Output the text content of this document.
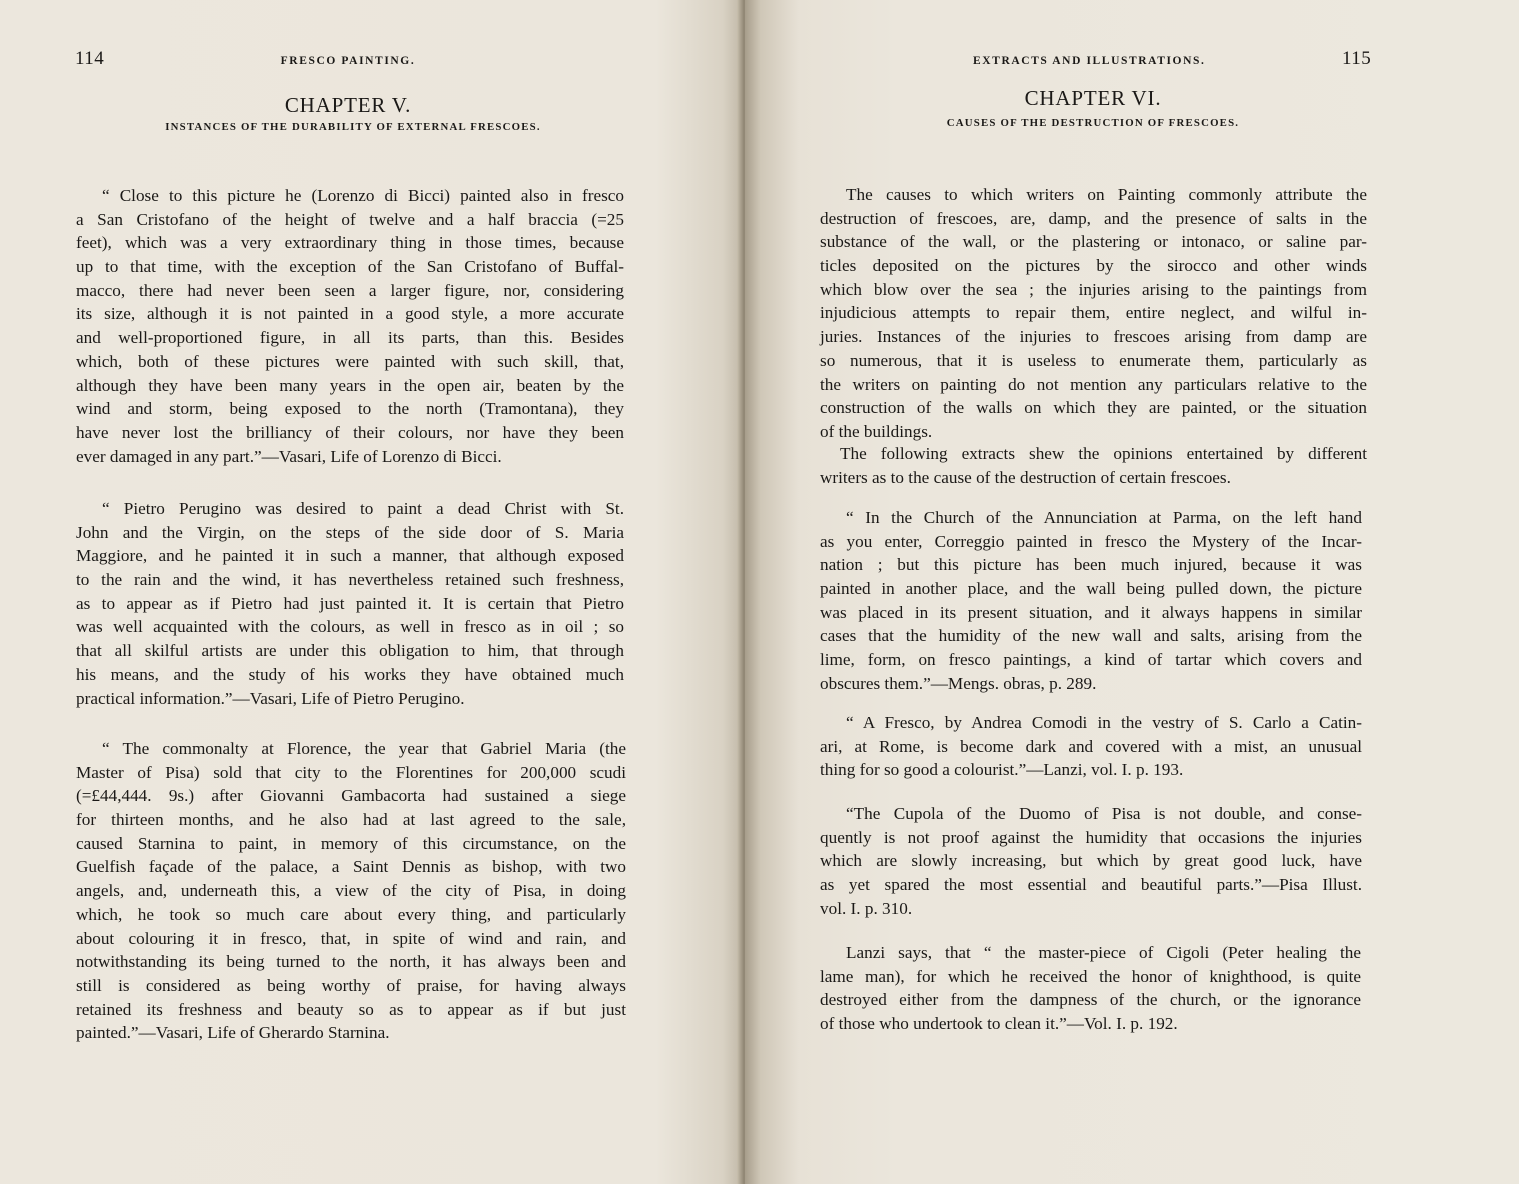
114	FRESCO PAINTING.
CHAPTER V.
INSTANCES OF THE DURABILITY OF EXTERNAL FRESCOES.
“ Close to this picture he (Lorenzo di Bicci) painted also in fresco
a San Cristofano of the height of twelve and a half braccia (=25
feet), which was a very extraordinary thing in those times, because
up to that time, with the exception of the San Cristofano of Buffal-
macco, there had never been seen a larger figure, nor, considering
its size, although it is not painted in a good style, a more accurate
and well-proportioned figure, in all its parts, than this. Besides
which, both of these pictures were painted with such skill, that,
although they have been many years in the open air, beaten by the
wind and storm, being exposed to the north (Tramontana), they
have never lost the brilliancy of their colours, nor have they been
ever damaged in any part.”—Vasari, Life of Lorenzo di Bicci.
“ Pietro Perugino was desired to paint a dead Christ with St.
John and the Virgin, on the steps of the side door of S. Maria
Maggiore, and he painted it in such a manner, that although exposed
to the rain and the wind, it has nevertheless retained such freshness,
as to appear as if Pietro had just painted it. It is certain that Pietro
was well acquainted with the colours, as well in fresco as in oil ; so
that all skilful artists are under this obligation to him, that through
his means, and the study of his works they have obtained much
practical information.”—Vasari, Life of Pietro Perugino.
“ The commonalty at Florence, the year that Gabriel Maria (the
Master of Pisa) sold that city to the Florentines for 200,000 scudi
(=£44,444. 9s.) after Giovanni Gambacorta had sustained a siege
for thirteen months, and he also had at last agreed to the sale,
caused Starnina to paint, in memory of this circumstance, on the
Guelfish façade of the palace, a Saint Dennis as bishop, with two
angels, and, underneath this, a view of the city of Pisa, in doing
which, he took so much care about every thing, and particularly
about colouring it in fresco, that, in spite of wind and rain, and
notwithstanding its being turned to the north, it has always been and
still is considered as being worthy of praise, for having always
retained its freshness and beauty so as to appear as if but just
painted.”—Vasari, Life of Gherardo Starnina.
EXTRACTS AND ILLUSTRATIONS.	115
CHAPTER VI.
CAUSES OF THE DESTRUCTION OF FRESCOES.
The causes to which writers on Painting commonly attribute the
destruction of frescoes, are, damp, and the presence of salts in the
substance of the wall, or the plastering or intonaco, or saline par-
ticles deposited on the pictures by the sirocco and other winds
which blow over the sea ; the injuries arising to the paintings from
injudicious attempts to repair them, entire neglect, and wilful in-
juries. Instances of the injuries to frescoes arising from damp are
so numerous, that it is useless to enumerate them, particularly as
the writers on painting do not mention any particulars relative to the
construction of the walls on which they are painted, or the situation
of the buildings.
The following extracts shew the opinions entertained by different
writers as to the cause of the destruction of certain frescoes.
“ In the Church of the Annunciation at Parma, on the left hand
as you enter, Correggio painted in fresco the Mystery of the Incar-
nation ; but this picture has been much injured, because it was
painted in another place, and the wall being pulled down, the picture
was placed in its present situation, and it always happens in similar
cases that the humidity of the new wall and salts, arising from the
lime, form, on fresco paintings, a kind of tartar which covers and
obscures them.”—Mengs. obras, p. 289.
“ A Fresco, by Andrea Comodi in the vestry of S. Carlo a Catin-
ari, at Rome, is become dark and covered with a mist, an unusual
thing for so good a colourist.”—Lanzi, vol. I. p. 193.
“The Cupola of the Duomo of Pisa is not double, and conse-
quently is not proof against the humidity that occasions the injuries
which are slowly increasing, but which by great good luck, have
as yet spared the most essential and beautiful parts.”—Pisa Illust.
vol. I. p. 310.
Lanzi says, that “ the master-piece of Cigoli (Peter healing the
lame man), for which he received the honor of knighthood, is quite
destroyed either from the dampness of the church, or the ignorance
of those who undertook to clean it.”—Vol. I. p. 192.
